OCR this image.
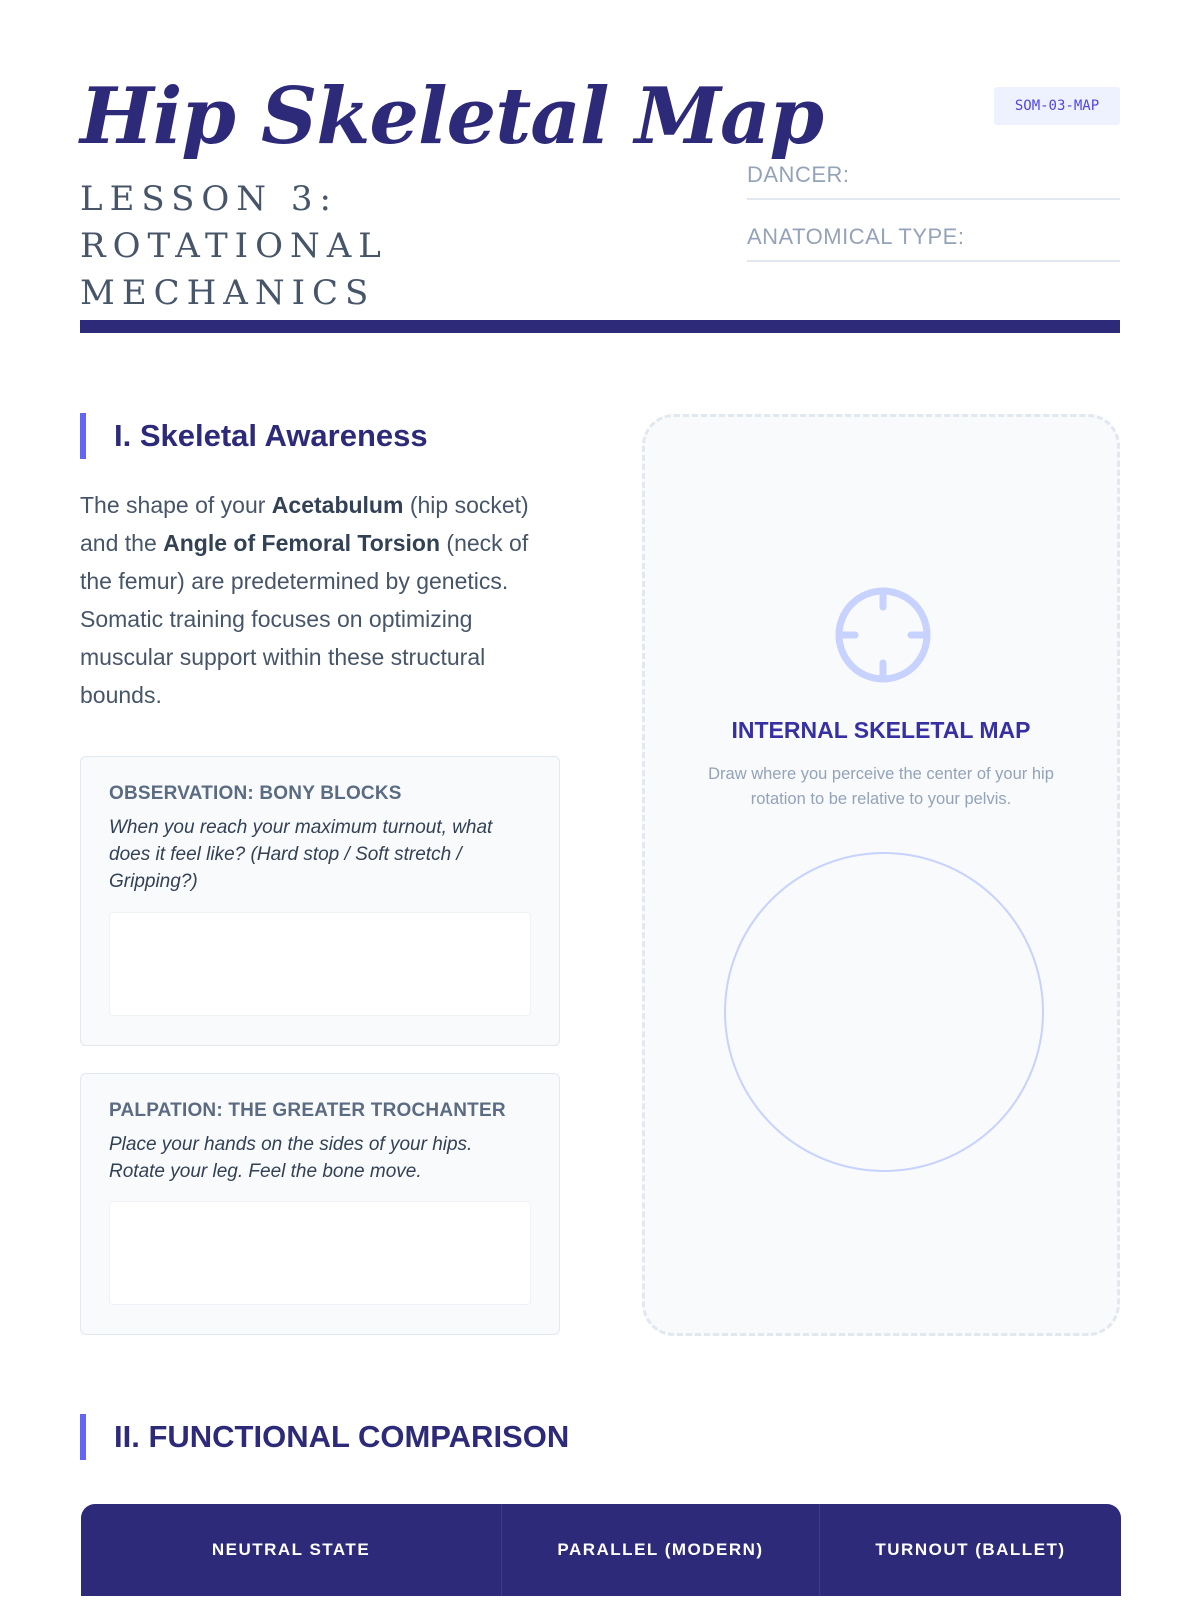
Hip Skeletal Map
LESSON 3: ROTATIONAL MECHANICS
SOM-03-MAP
DANCER:
ANATOMICAL TYPE:
I. Skeletal Awareness

The shape of your Acetabulum (hip socket) and the Angle of Femoral Torsion (neck of the femur) are predetermined by genetics. Somatic training focuses on optimizing muscular support within these structural bounds.

OBSERVATION: BONY BLOCKS
When you reach your maximum turnout, what does it feel like? (Hard stop / Soft stretch / Gripping?)
PALPATION: THE GREATER TROCHANTER
Place your hands on the sides of your hips. Rotate your leg. Feel the bone move.
INTERNAL SKELETAL MAP
Draw where you perceive the center of your hip rotation to be relative to your pelvis.
II. FUNCTIONAL COMPARISON
NEUTRAL STATE	PARALLEL (MODERN)	TURNOUT (BALLET)
